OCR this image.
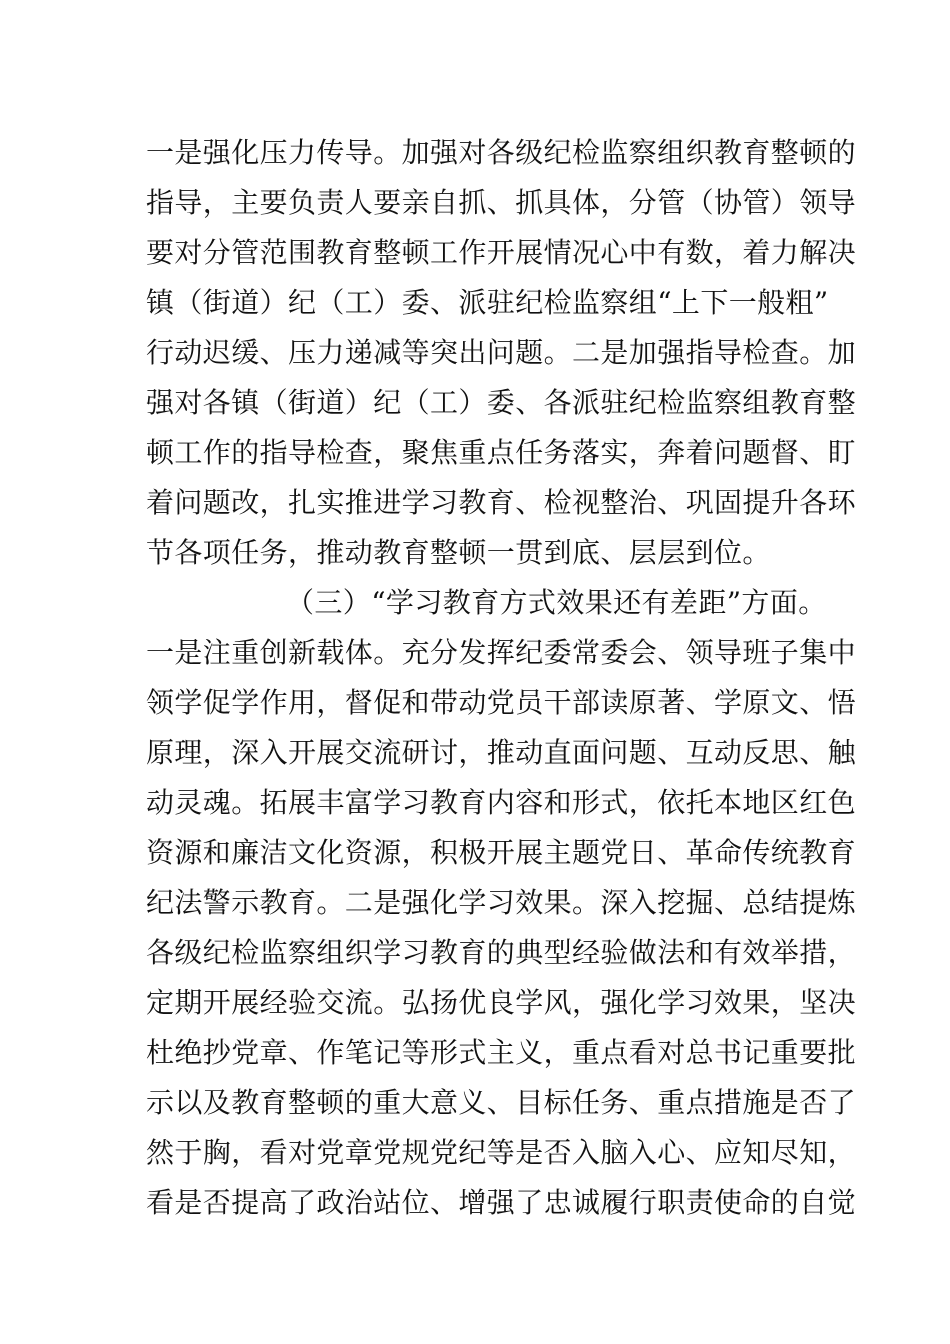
一是强化压力传导。加强对各级纪检监察组织教育整顿的
指导，主要负责人要亲自抓、抓具体，分管（协管）领导
要对分管范围教育整顿工作开展情况心中有数，着力解决
镇（街道）纪（工）委、派驻纪检监察组“上下一般粗”
行动迟缓、压力递减等突出问题。二是加强指导检查。加
强对各镇（街道）纪（工）委、各派驻纪检监察组教育整
顿工作的指导检查，聚焦重点任务落实，奔着问题督、盯
着问题改，扎实推进学习教育、检视整治、巩固提升各环
节各项任务，推动教育整顿一贯到底、层层到位。
（三）“学习教育方式效果还有差距”方面。
一是注重创新载体。充分发挥纪委常委会、领导班子集中
领学促学作用，督促和带动党员干部读原著、学原文、悟
原理，深入开展交流研讨，推动直面问题、互动反思、触
动灵魂。拓展丰富学习教育内容和形式，依托本地区红色
资源和廉洁文化资源，积极开展主题党日、革命传统教育
纪法警示教育。二是强化学习效果。深入挖掘、总结提炼
各级纪检监察组织学习教育的典型经验做法和有效举措，
定期开展经验交流。弘扬优良学风，强化学习效果，坚决
杜绝抄党章、作笔记等形式主义，重点看对总书记重要批
示以及教育整顿的重大意义、目标任务、重点措施是否了
然于胸，看对党章党规党纪等是否入脑入心、应知尽知，
看是否提高了政治站位、增强了忠诚履行职责使命的自觉
